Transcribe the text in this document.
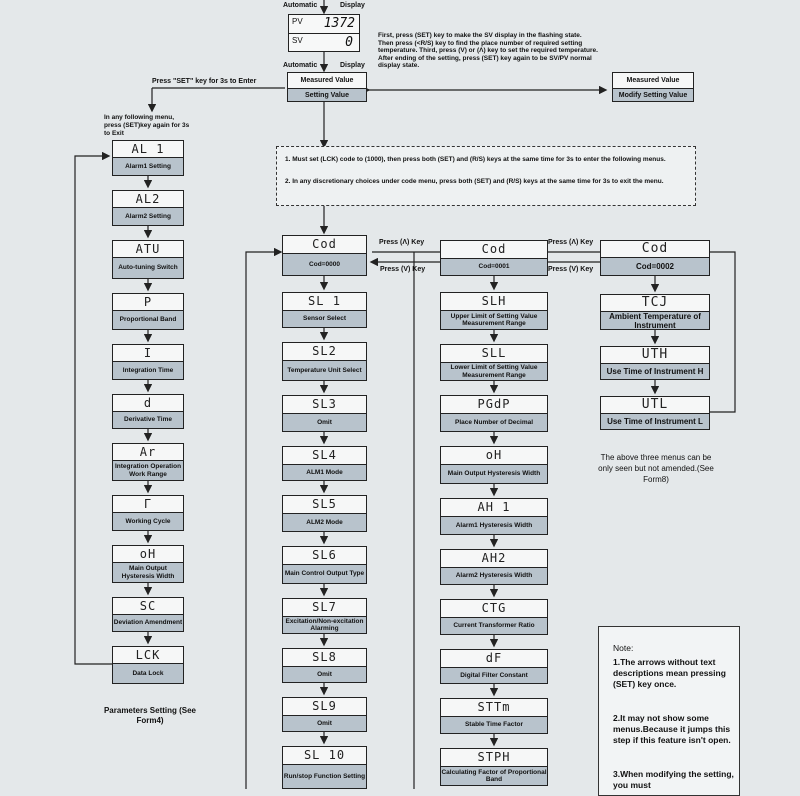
Automatic	Display
PV 1372
SV	0
Automatic	Display
Measured Value
Setting Value
First, press (SET) key to make the SV display in the flashing state. Then press (<R/S) key to find the place number of required setting temperature. Third, press (V) or (Λ) key to set the required temperature. After ending of the setting, press (SET) key again to be SV/PV normal display state.
Measured Value
Modify Setting Value
Press "SET" key for 3s to Enter
In any following menu, press (SET)key again for 3s to Exit
1. Must set (LCK) code to (1000), then press both (SET) and (R/S) keys at the same time for 3s to enter the following menus.
2. In any discretionary choices under code menu, press both (SET) and (R/S) keys at the same time for 3s to exit the menu.
AL 1
Alarm1 Setting
AL2
Alarm2 Setting
ATU
Auto-tuning Switch
P
Proportional Band
I
Integration Time
d
Derivative Time
Ar
Integration Operation Work Range
Γ
Working Cycle
oH
Main Output Hysteresis Width
SC
Deviation Amendment
LCK
Data Lock
Parameters Setting (See Form4)
Cod
Cod=0000
SL 1
Sensor Select
SL2
Temperature Unit Select
SL3
Omit
SL4
ALM1 Mode
SL5
ALM2 Mode
SL6
Main Control Output Type
SL7
Excitation/Non-excitation Alarming
SL8
Omit
SL9
Omit
SL 10
Run/stop Function Setting
Press (Λ) Key
Press (V) Key
Press (Λ) Key
Press (V) Key
Cod
Cod=0001
SLH
Upper Limit of Setting Value Measurement Range
SLL
Lower Limit of Setting Value Measurement Range
PGdP
Place Number of Decimal
oH
Main Output Hysteresis Width
AH 1
Alarm1 Hysteresis Width
AH2
Alarm2 Hysteresis Width
CTG
Current Transformer Ratio
dF
Digital Filter Constant
STTm
Stable Time Factor
STPH
Calculating Factor of Proportional Band
Cod
Cod=0002
TCJ
Ambient Temperature of Instrument
UTH
Use Time of Instrument H
UTL
Use Time of Instrument L
The above three menus can be only seen but not amended.(See Form8)
Note:
1.The arrows without text descriptions mean pressing (SET) key once.
2.It may not show some menus.Because it jumps this step if this feature isn't open.
3.When modifying the setting, you must
